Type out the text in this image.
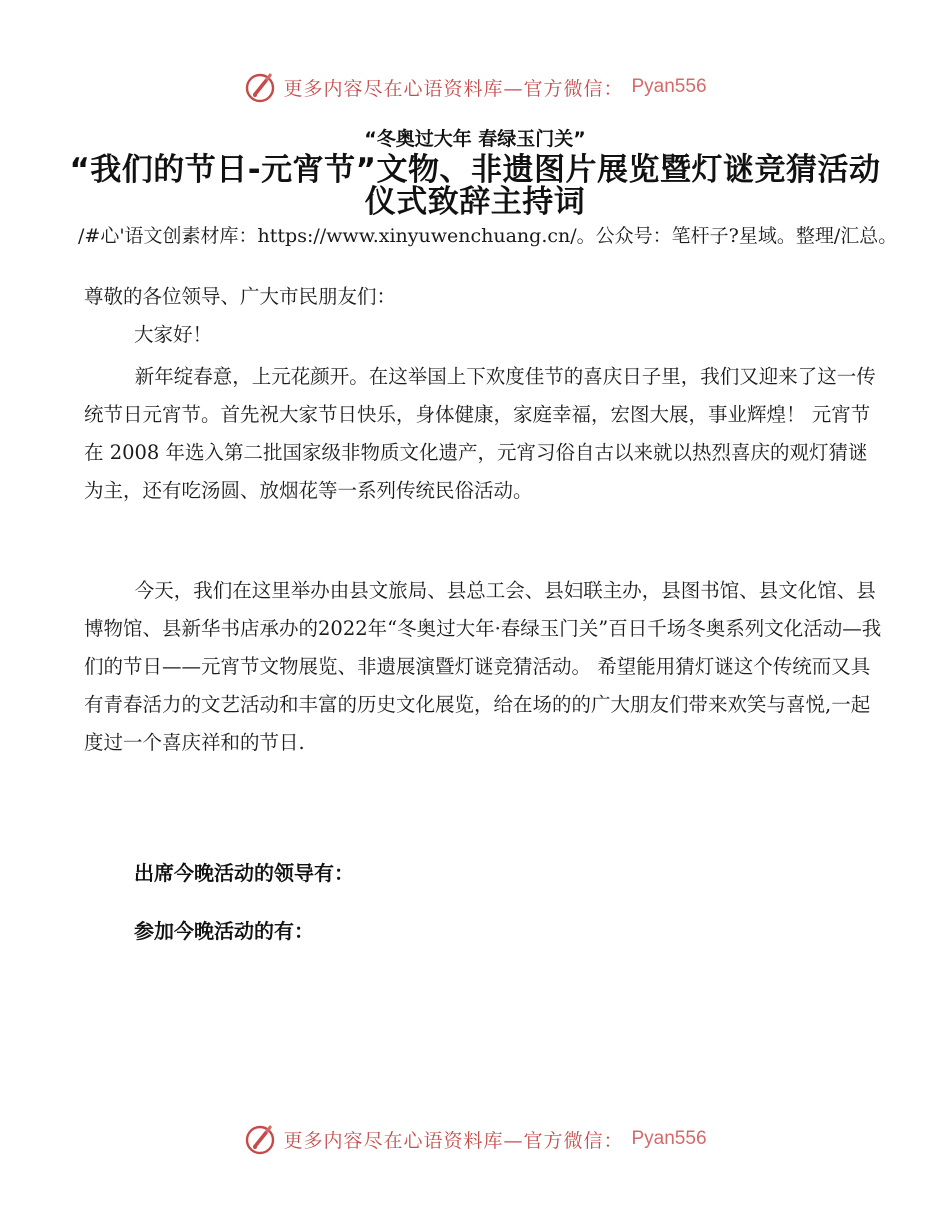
更多内容尽在心语资料库—官方微信： Pyan556
“冬奥过大年 春绿玉门关”
“我们的节日-元宵节”文物、非遗图片展览暨灯谜竞猜活动仪式致辞主持词
/#心'语文创素材库：https://www.xinyuwenchuang.cn/。公众号：笔杆子?星域。整理/汇总。
尊敬的各位领导、广大市民朋友们：
大家好！
新年绽春意，上元花颜开。在这举国上下欢度佳节的喜庆日子里，我们又迎来了这一传统节日元宵节。首先祝大家节日快乐，身体健康，家庭幸福，宏图大展，事业辉煌！ 元宵节在 2008 年选入第二批国家级非物质文化遗产，元宵习俗自古以来就以热烈喜庆的观灯猜谜为主，还有吃汤圆、放烟花等一系列传统民俗活动。
今天，我们在这里举办由县文旅局、县总工会、县妇联主办，县图书馆、县文化馆、县博物馆、县新华书店承办的2022年“冬奥过大年·春绿玉门关”百日千场冬奥系列文化活动—我们的节日——元宵节文物展览、非遗展演暨灯谜竞猜活动。 希望能用猜灯谜这个传统而又具有青春活力的文艺活动和丰富的历史文化展览，给在场的的广大朋友们带来欢笑与喜悦,一起度过一个喜庆祥和的节日.
出席今晚活动的领导有：
参加今晚活动的有：
更多内容尽在心语资料库—官方微信： Pyan556
